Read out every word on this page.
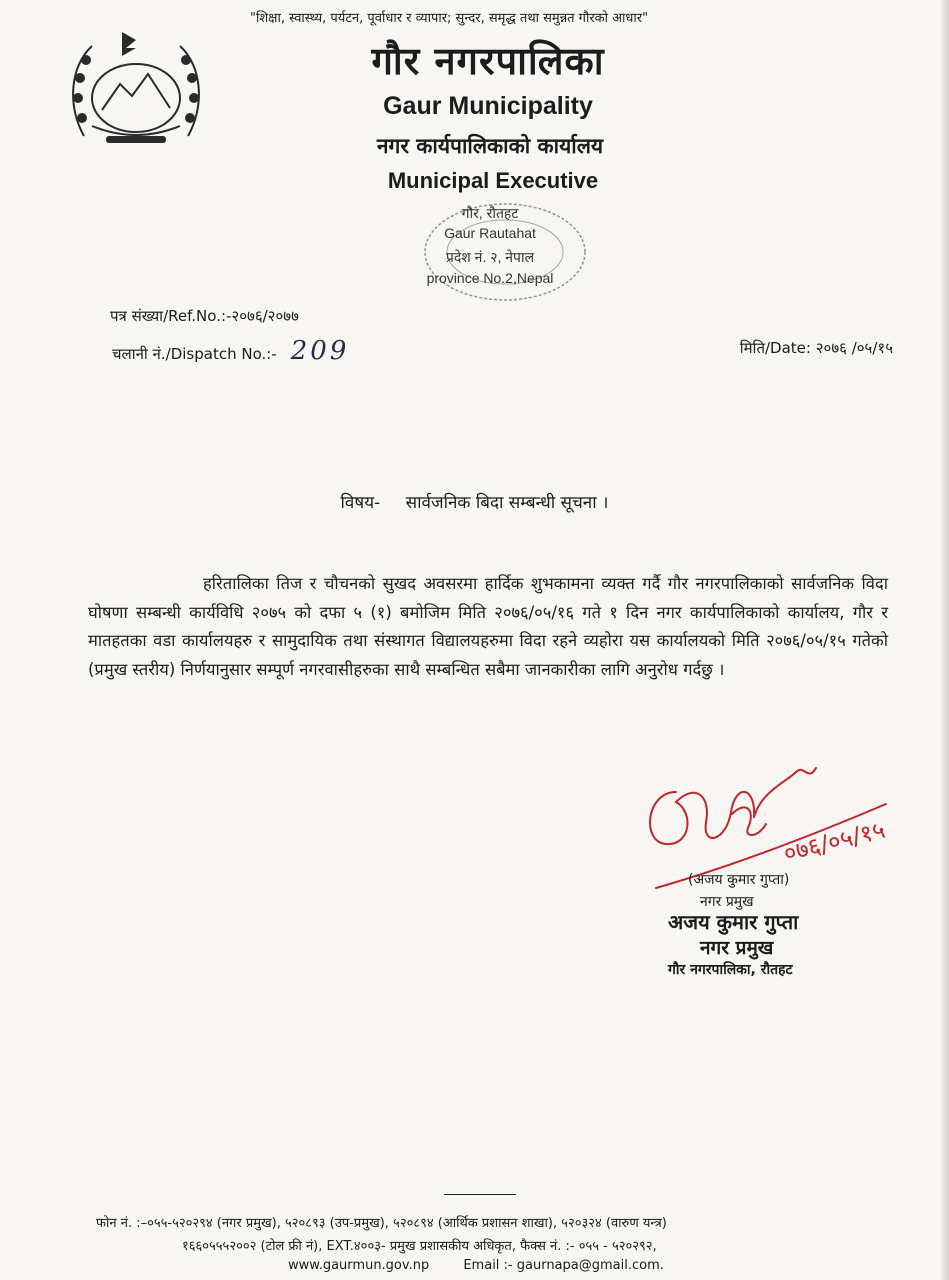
"शिक्षा, स्वास्थ्य, पर्यटन, पूर्वाधार र व्यापार; सुन्दर, समृद्ध तथा समुन्नत गौरको आधार"
गौर नगरपालिका
Gaur Municipality
नगर कार्यपालिकाको कार्यालय
Municipal Executive
गौर, रौतहट
Gaur Rautahat
प्रदेश नं. २, नेपाल
province No.2,Nepal
पत्र संख्या/Ref.No.:-२०७६/२०७७
चलानी नं./Dispatch No.:- 209	मिति/Date: २०७६ /०५/१५
विषय- सार्वजनिक बिदा सम्बन्धी सूचना ।
हरितालिका तिज र चौचनको सुखद अवसरमा हार्दिक शुभकामना व्यक्त गर्दै गौर नगरपालिकाको सार्वजनिक विदा घोषणा सम्बन्धी कार्यविधि २०७५ को दफा ५ (१) बमोजिम मिति २०७६/०५/१६ गते १ दिन नगर कार्यपालिकाको कार्यालय, गौर र मातहतका वडा कार्यालयहरु र सामुदायिक तथा संस्थागत विद्यालयहरुमा विदा रहने व्यहोरा यस कार्यालयको मिति २०७६/०५/१५ गतेको (प्रमुख स्तरीय) निर्णयानुसार सम्पूर्ण नगरवासीहरुका साथै सम्बन्धित सबैमा जानकारीका लागि अनुरोध गर्दछु ।
०७६/०५/१५
(अजय कुमार गुप्ता)
नगर प्रमुख
अजय कुमार गुप्ता
नगर प्रमुख
गौर नगरपालिका, रौतहट
फोन नं. :–०५५-५२०२९४ (नगर प्रमुख), ५२०८९३ (उप-प्रमुख), ५२०८९४ (आर्थिक प्रशासन शाखा), ५२०३२४ (वारुण यन्त्र)
१६६०५५५२००२ (टोल फ्री नं), EXT.४००३- प्रमुख प्रशासकीय अधिकृत, फैक्स नं. :- ०५५ - ५२०२९२,
www.gaurmun.gov.np	Email :- gaurnapa@gmail.com.
